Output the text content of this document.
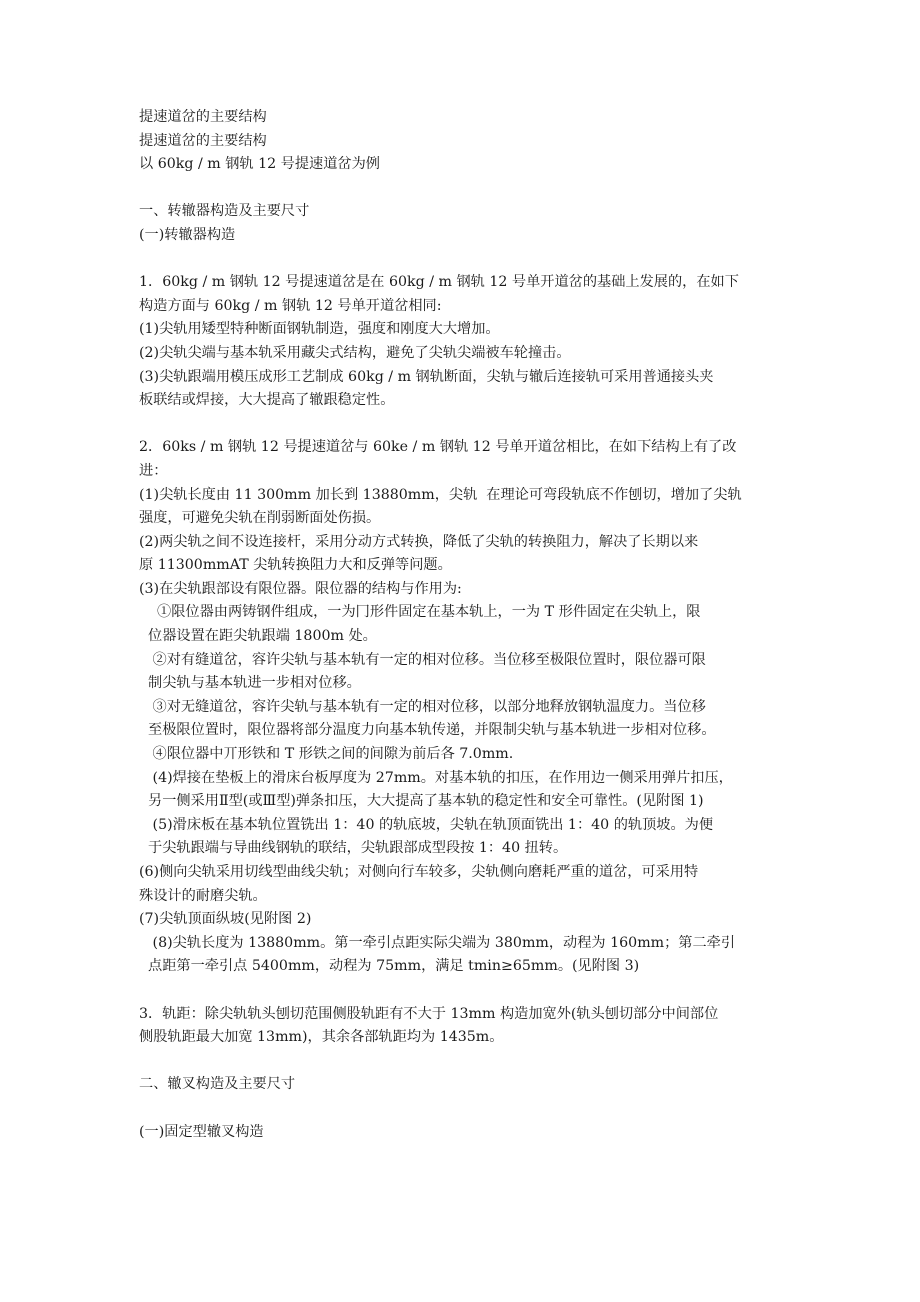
提速道岔的主要结构
提速道岔的主要结构
以 60kg / m 钢轨 12 号提速道岔为例
一、转辙器构造及主要尺寸
(一)转辙器构造
1．60kg / m 钢轨 12 号提速道岔是在 60kg / m 钢轨 12 号单开道岔的基础上发展的，在如下
构造方面与 60kg / m 钢轨 12 号单开道岔相同:
(1)尖轨用矮型特种断面钢轨制造，强度和刚度大大增加。
(2)尖轨尖端与基本轨采用藏尖式结构，避免了尖轨尖端被车轮撞击。
(3)尖轨跟端用模压成形工艺制成 60kg / m 钢轨断面，尖轨与辙后连接轨可采用普通接头夹
板联结或焊接，大大提高了辙跟稳定性。
2．60ks / m 钢轨 12 号提速道岔与 60ke / m 钢轨 12 号单开道岔相比，在如下结构上有了改
进：
(1)尖轨长度由 11 300mm 加长到 13880mm，尖轨  在理论可弯段轨底不作刨切，增加了尖轨
强度，可避免尖轨在削弱断面处伤损。
(2)两尖轨之间不设连接杆，采用分动方式转换，降低了尖轨的转换阻力，解决了长期以来
原 11300mmAT 尖轨转换阻力大和反弹等问题。
(3)在尖轨跟部设有限位器。限位器的结构与作用为:
①限位器由两铸钢件组成，一为冂形件固定在基本轨上，一为 T 形件固定在尖轨上，限
位器设置在距尖轨跟端 1800m 处。
②对有缝道岔，容许尖轨与基本轨有一定的相对位移。当位移至极限位置时，限位器可限
制尖轨与基本轨进一步相对位移。
③对无缝道岔，容许尖轨与基本轨有一定的相对位移，以部分地释放钢轨温度力。当位移
至极限位置时，限位器将部分温度力向基本轨传递，并限制尖轨与基本轨进一步相对位移。
④限位器中丌形铁和 T 形铁之间的间隙为前后各 7.0mm.
(4)焊接在垫板上的滑床台板厚度为 27mm。对基本轨的扣压，在作用边一侧采用弹片扣压，
另一侧采用Ⅱ型(或Ⅲ型)弹条扣压，大大提高了基本轨的稳定性和安全可靠性。(见附图 1)
(5)滑床板在基本轨位置铣出 1：40 的轨底坡，尖轨在轨顶面铣出 1：40 的轨顶坡。为便
于尖轨跟端与导曲线钢轨的联结，尖轨跟部成型段按 1：40 扭转。
(6)侧向尖轨采用切线型曲线尖轨；对侧向行车较多，尖轨侧向磨耗严重的道岔，可采用特
殊设计的耐磨尖轨。
(7)尖轨顶面纵坡(见附图 2)
(8)尖轨长度为 13880mm。第一牵引点距实际尖端为 380mm，动程为 160mm；第二牵引
点距第一牵引点 5400mm，动程为 75mm，满足 tmin≥65mm。(见附图 3)
3．轨距：除尖轨轨头刨切范围侧股轨距有不大于 13mm 构造加宽外(轨头刨切部分中间部位
侧股轨距最大加宽 13mm)，其余各部轨距均为 1435m。
二、辙叉构造及主要尺寸
(一)固定型辙叉构造
